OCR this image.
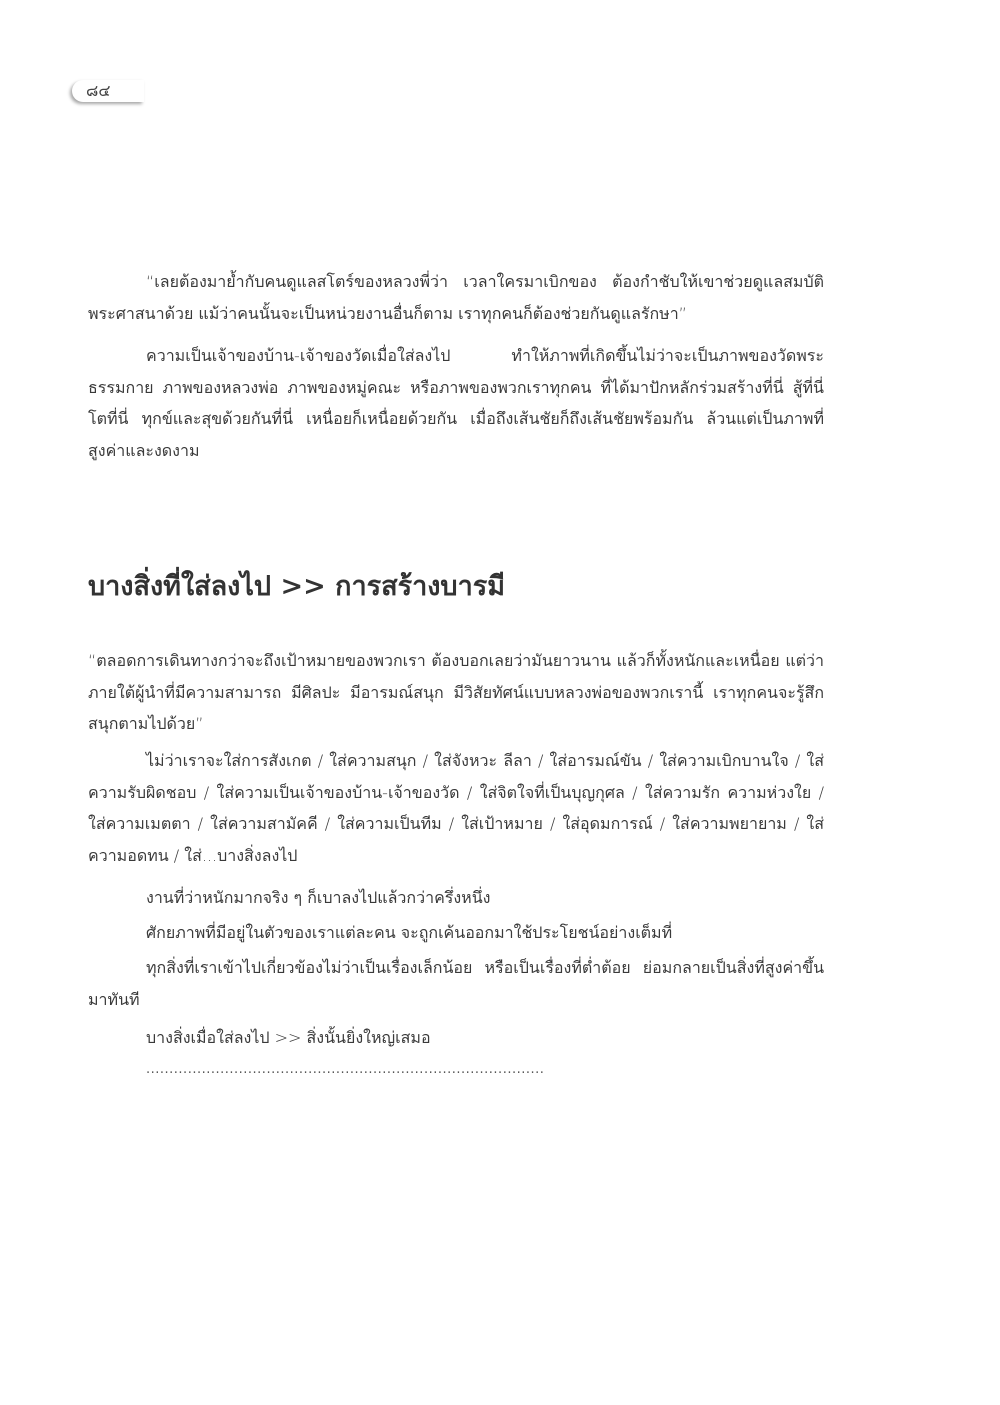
๘๔

“เลยต้องมาย้ำกับคนดูแลสโตร์ของหลวงพี่ว่า เวลาใครมาเบิกของ ต้องกำชับให้เขาช่วยดูแลสมบัติพระศาสนาด้วย แม้ว่าคนนั้นจะเป็นหน่วยงานอื่นก็ตาม เราทุกคนก็ต้องช่วยกันดูแลรักษา”

ความเป็นเจ้าของบ้าน-เจ้าของวัดเมื่อใส่ลงไป ทำให้ภาพที่เกิดขึ้นไม่ว่าจะเป็นภาพของวัดพระธรรมกาย ภาพของหลวงพ่อ ภาพของหมู่คณะ หรือภาพของพวกเราทุกคน ที่ได้มาปักหลักร่วมสร้างที่นี่ สู้ที่นี่ โตที่นี่ ทุกข์และสุขด้วยกันที่นี่ เหนื่อยก็เหนื่อยด้วยกัน เมื่อถึงเส้นชัยก็ถึงเส้นชัยพร้อมกัน ล้วนแต่เป็นภาพที่สูงค่าและงดงาม

บางสิ่งที่ใส่ลงไป >> การสร้างบารมี

“ตลอดการเดินทางกว่าจะถึงเป้าหมายของพวกเรา ต้องบอกเลยว่ามันยาวนาน แล้วก็ทั้งหนักและเหนื่อย แต่ว่าภายใต้ผู้นำที่มีความสามารถ มีศิลปะ มีอารมณ์สนุก มีวิสัยทัศน์แบบหลวงพ่อของพวกเรานี้ เราทุกคนจะรู้สึกสนุกตามไปด้วย”

ไม่ว่าเราจะใส่การสังเกต / ใส่ความสนุก / ใส่จังหวะ ลีลา / ใส่อารมณ์ขัน / ใส่ความเบิกบานใจ / ใส่ความรับผิดชอบ / ใส่ความเป็นเจ้าของบ้าน-เจ้าของวัด / ใส่จิตใจที่เป็นบุญกุศล / ใส่ความรัก ความห่วงใย / ใส่ความเมตตา / ใส่ความสามัคคี / ใส่ความเป็นทีม / ใส่เป้าหมาย / ใส่อุดมการณ์ / ใส่ความพยายาม / ใส่ความอดทน / ใส่...บางสิ่งลงไป

งานที่ว่าหนักมากจริง ๆ ก็เบาลงไปแล้วกว่าครึ่งหนึ่ง

ศักยภาพที่มีอยู่ในตัวของเราแต่ละคน จะถูกเค้นออกมาใช้ประโยชน์อย่างเต็มที่

ทุกสิ่งที่เราเข้าไปเกี่ยวข้องไม่ว่าเป็นเรื่องเล็กน้อย หรือเป็นเรื่องที่ต่ำต้อย ย่อมกลายเป็นสิ่งที่สูงค่าขึ้นมาทันที

บางสิ่งเมื่อใส่ลงไป >> สิ่งนั้นยิ่งใหญ่เสมอ

......................................................................................
